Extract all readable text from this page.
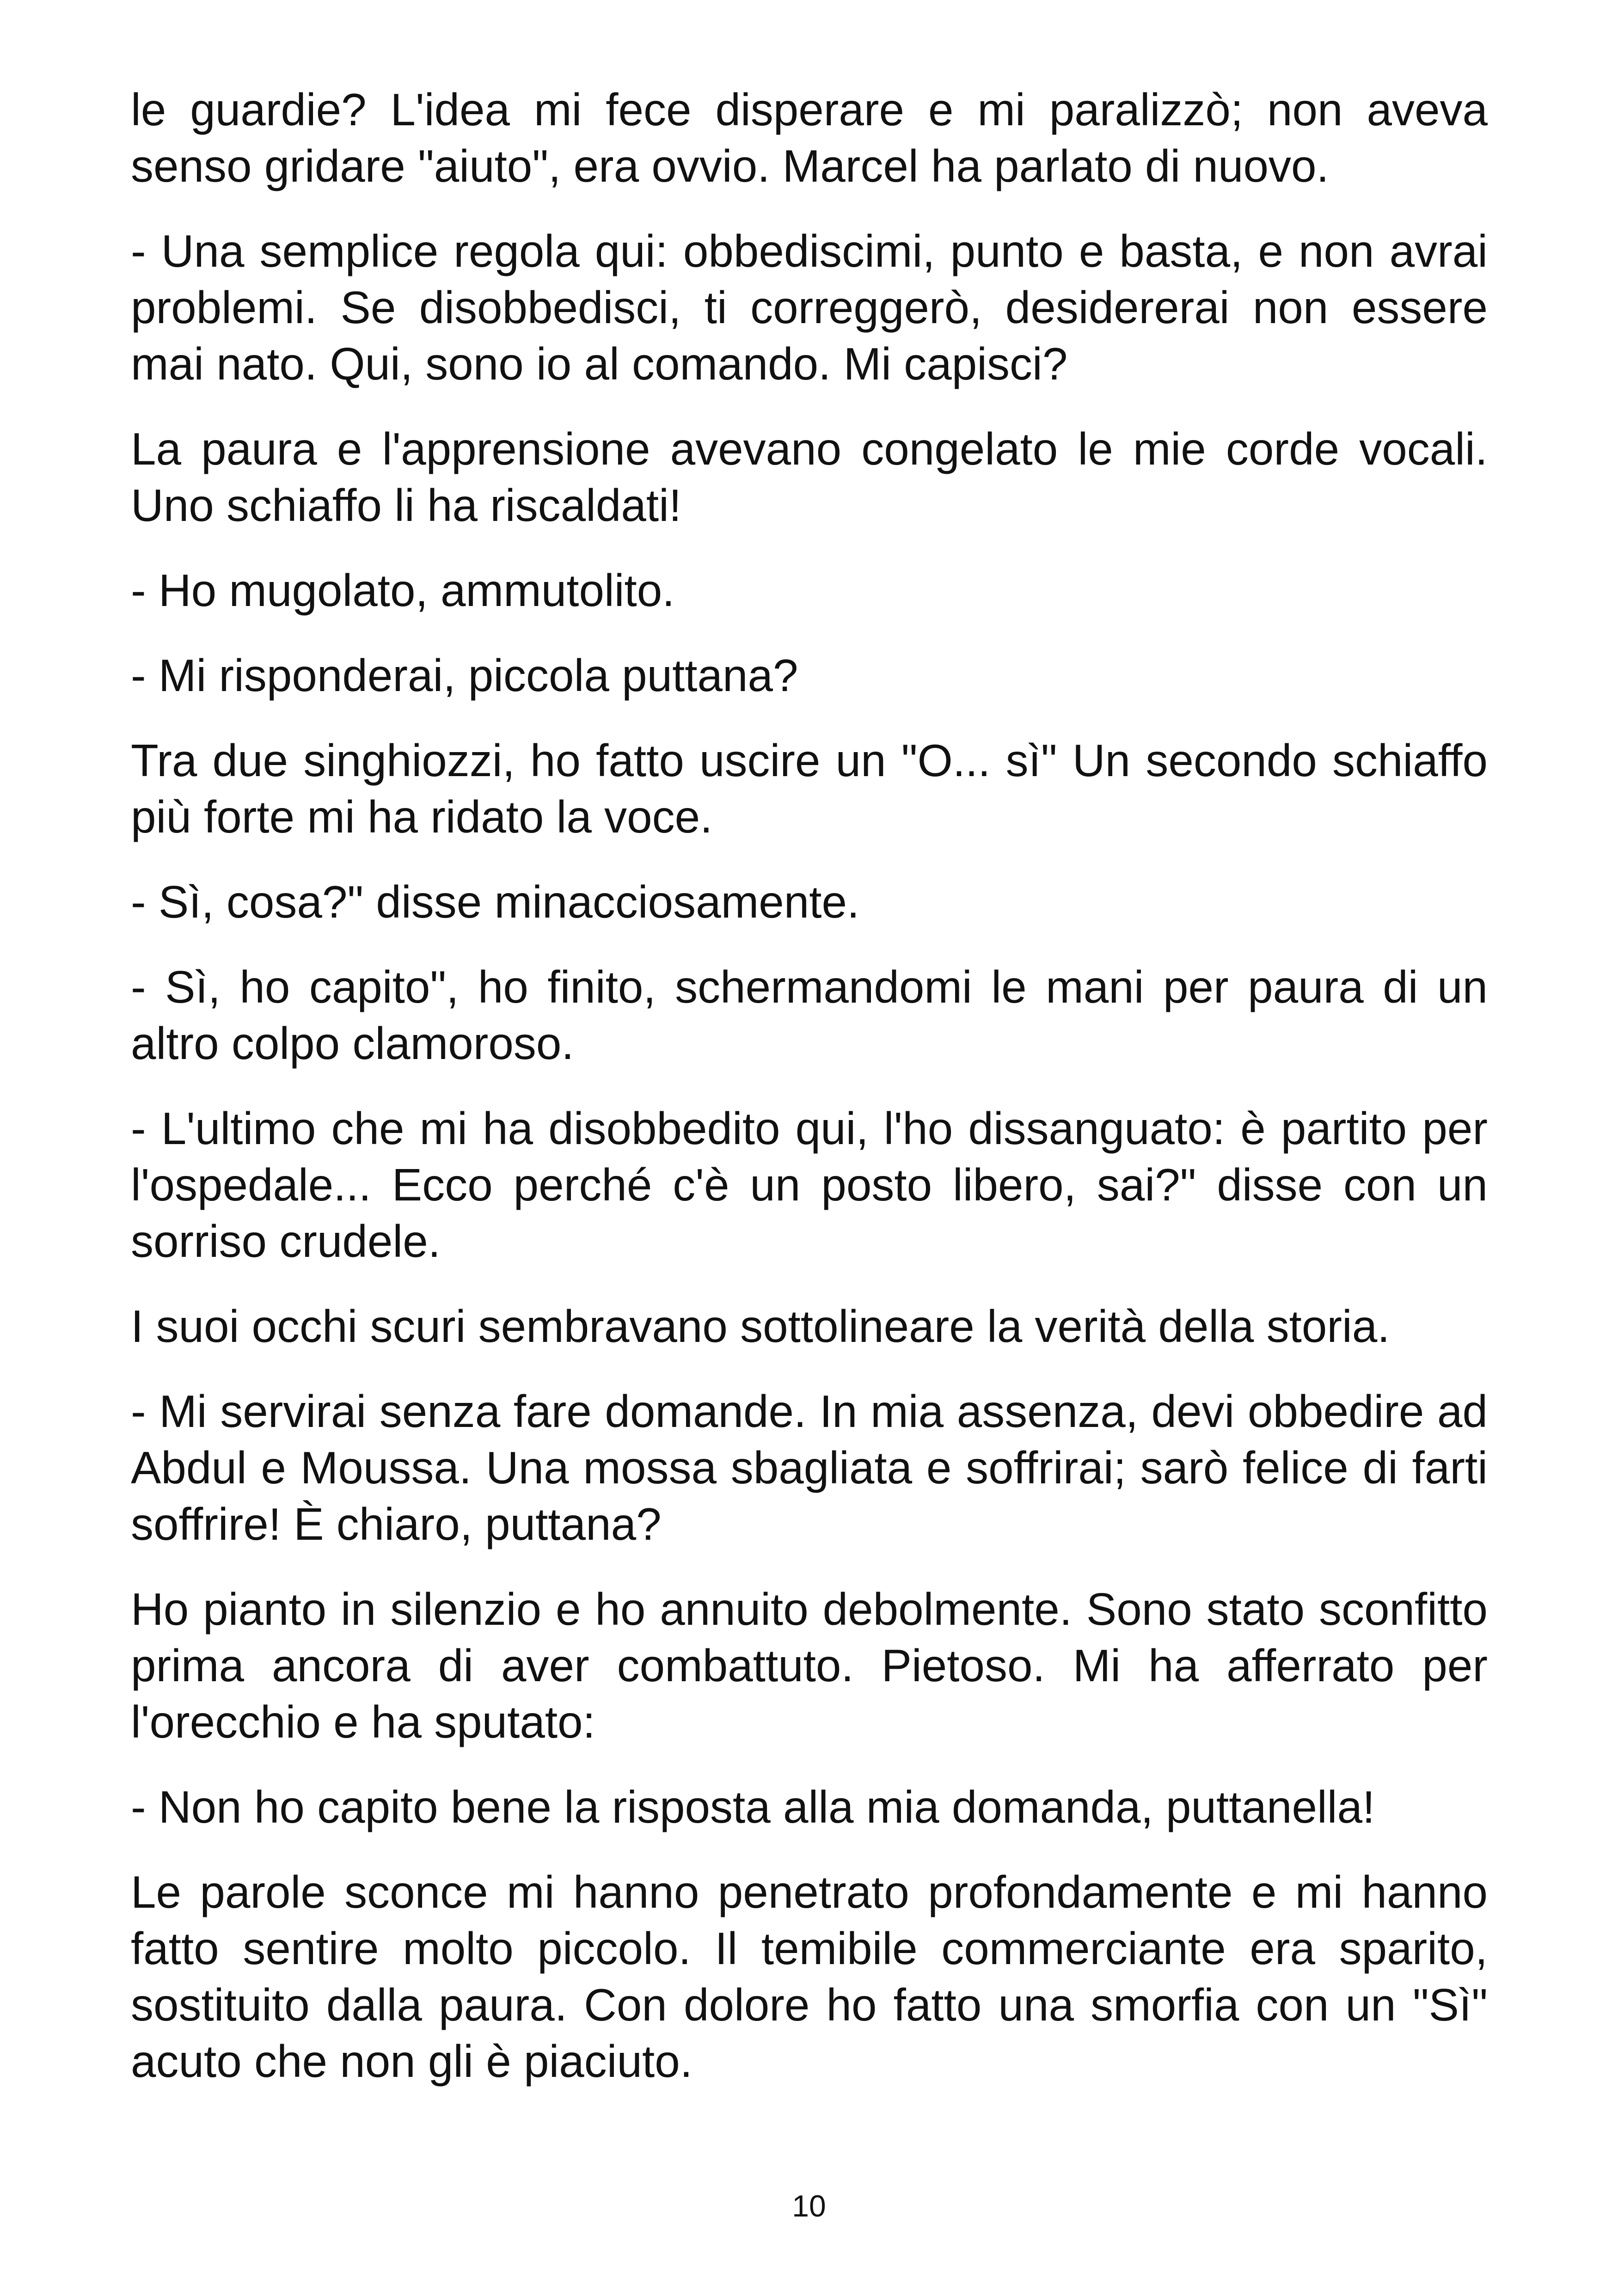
le guardie? L'idea mi fece disperare e mi paralizzò; non aveva senso gridare "aiuto", era ovvio. Marcel ha parlato di nuovo.

- Una semplice regola qui: obbediscimi, punto e basta, e non avrai problemi. Se disobbedisci, ti correggerò, desidererai non essere mai nato. Qui, sono io al comando. Mi capisci?

La paura e l'apprensione avevano congelato le mie corde vocali. Uno schiaffo li ha riscaldati!

- Ho mugolato, ammutolito.

- Mi risponderai, piccola puttana?

Tra due singhiozzi, ho fatto uscire un "O... sì" Un secondo schiaffo più forte mi ha ridato la voce.

- Sì, cosa?" disse minacciosamente.

- Sì, ho capito", ho finito, schermandomi le mani per paura di un altro colpo clamoroso.

- L'ultimo che mi ha disobbedito qui, l'ho dissanguato: è partito per l'ospedale... Ecco perché c'è un posto libero, sai?" disse con un sorriso crudele.

I suoi occhi scuri sembravano sottolineare la verità della storia.

- Mi servirai senza fare domande. In mia assenza, devi obbedire ad Abdul e Moussa. Una mossa sbagliata e soffrirai; sarò felice di farti soffrire! È chiaro, puttana?

Ho pianto in silenzio e ho annuito debolmente. Sono stato sconfitto prima ancora di aver combattuto. Pietoso. Mi ha afferrato per l'orecchio e ha sputato:

- Non ho capito bene la risposta alla mia domanda, puttanella!

Le parole sconce mi hanno penetrato profondamente e mi hanno fatto sentire molto piccolo. Il temibile commerciante era sparito, sostituito dalla paura. Con dolore ho fatto una smorfia con un "Sì" acuto che non gli è piaciuto.

10
